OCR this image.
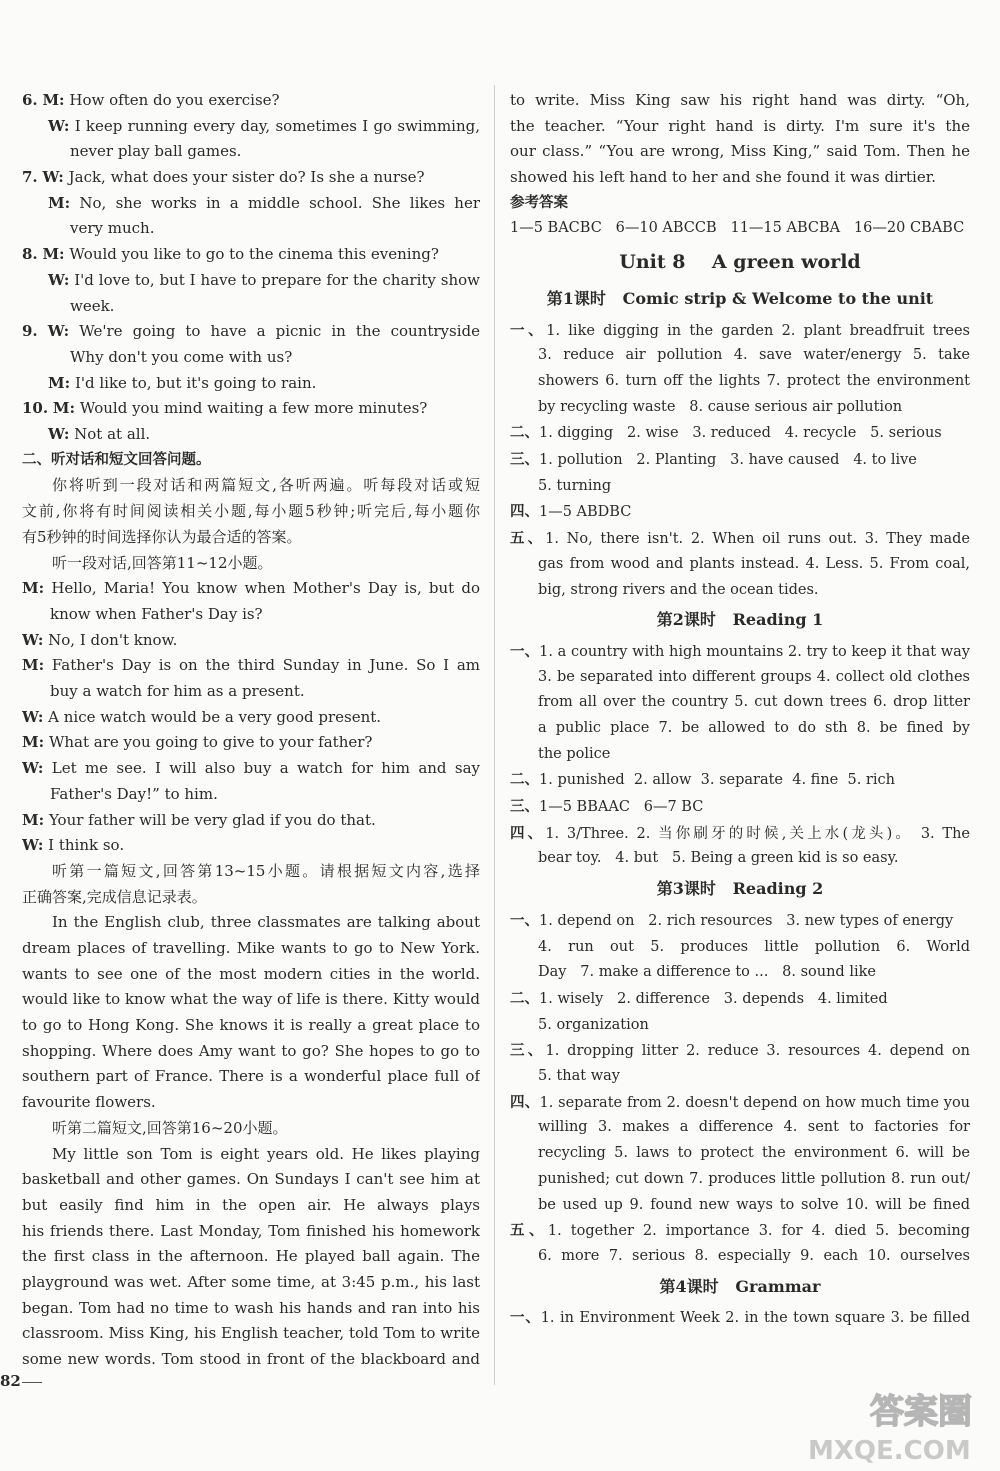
6. M: How often do you exercise?
W: I keep running every day, sometimes I go swimming,
never play ball games.
7. W: Jack, what does your sister do? Is she a nurse?
M: No, she works in a middle school. She likes her
very much.
8. M: Would you like to go to the cinema this evening?
W: I'd love to, but I have to prepare for the charity show
week.
9. W: We're going to have a picnic in the countryside
Why don't you come with us?
M: I'd like to, but it's going to rain.
10. M: Would you mind waiting a few more minutes?
W: Not at all.
二、听对话和短文回答问题。
你将听到一段对话和两篇短文,各听两遍。听每段对话或短
文前,你将有时间阅读相关小题,每小题5秒钟;听完后,每小题你
有5秒钟的时间选择你认为最合适的答案。
听一段对话,回答第11~12小题。
M: Hello, Maria! You know when Mother's Day is, but do
know when Father's Day is?
W: No, I don't know.
M: Father's Day is on the third Sunday in June. So I am
buy a watch for him as a present.
W: A nice watch would be a very good present.
M: What are you going to give to your father?
W: Let me see. I will also buy a watch for him and say
Father's Day!” to him.
M: Your father will be very glad if you do that.
W: I think so.
听第一篇短文,回答第13~15小题。请根据短文内容,选择
正确答案,完成信息记录表。
In the English club, three classmates are talking about
dream places of travelling. Mike wants to go to New York.
wants to see one of the most modern cities in the world.
would like to know what the way of life is there. Kitty would
to go to Hong Kong. She knows it is really a great place to
shopping. Where does Amy want to go? She hopes to go to
southern part of France. There is a wonderful place full of
favourite flowers.
听第二篇短文,回答第16~20小题。
My little son Tom is eight years old. He likes playing
basketball and other games. On Sundays I can't see him at
but easily find him in the open air. He always plays
his friends there. Last Monday, Tom finished his homework
the first class in the afternoon. He played ball again. The
playground was wet. After some time, at 3:45 p.m., his last
began. Tom had no time to wash his hands and ran into his
classroom. Miss King, his English teacher, told Tom to write
some new words. Tom stood in front of the blackboard and
to write. Miss King saw his right hand was dirty. “Oh,
the teacher. “Your right hand is dirty. I'm sure it's the
our class.” “You are wrong, Miss King,” said Tom. Then he
showed his left hand to her and she found it was dirtier.
参考答案
1—5 BACBC   6—10 ABCCB   11—15 ABCBA   16—20 CBABC
Unit 8    A green world
第1课时   Comic strip & Welcome to the unit
一、1. like digging in the garden 2. plant breadfruit trees
3. reduce air pollution 4. save water/energy 5. take
showers 6. turn off the lights 7. protect the environment
by recycling waste   8. cause serious air pollution
二、1. digging   2. wise   3. reduced   4. recycle   5. serious
三、1. pollution   2. Planting   3. have caused   4. to live
5. turning
四、1—5 ABDBC
五、1. No, there isn't. 2. When oil runs out. 3. They made
gas from wood and plants instead. 4. Less. 5. From coal,
big, strong rivers and the ocean tides.
第2课时   Reading 1
一、1. a country with high mountains 2. try to keep it that way
3. be separated into different groups 4. collect old clothes
from all over the country 5. cut down trees 6. drop litter
a public place 7. be allowed to do sth 8. be fined by
the police
二、1. punished  2. allow  3. separate  4. fine  5. rich
三、1—5 BBAAC   6—7 BC
四、1. 3/Three. 2. 当你刷牙的时候,关上水(龙头)。 3. The
bear toy.   4. but   5. Being a green kid is so easy.
第3课时   Reading 2
一、1. depend on   2. rich resources   3. new types of energy
4. run out 5. produces little pollution 6. World
Day   7. make a difference to ...   8. sound like
二、1. wisely   2. difference   3. depends   4. limited
5. organization
三、1. dropping litter 2. reduce 3. resources 4. depend on
5. that way
四、1. separate from 2. doesn't depend on how much time you
willing 3. makes a difference 4. sent to factories for
recycling 5. laws to protect the environment 6. will be
punished; cut down 7. produces little pollution 8. run out/
be used up 9. found new ways to solve 10. will be fined
五、1. together 2. importance 3. for 4. died 5. becoming
6. more 7. serious 8. especially 9. each 10. ourselves
第4课时   Grammar
一、1. in Environment Week 2. in the town square 3. be filled
82
答案圈
MXQE.COM
